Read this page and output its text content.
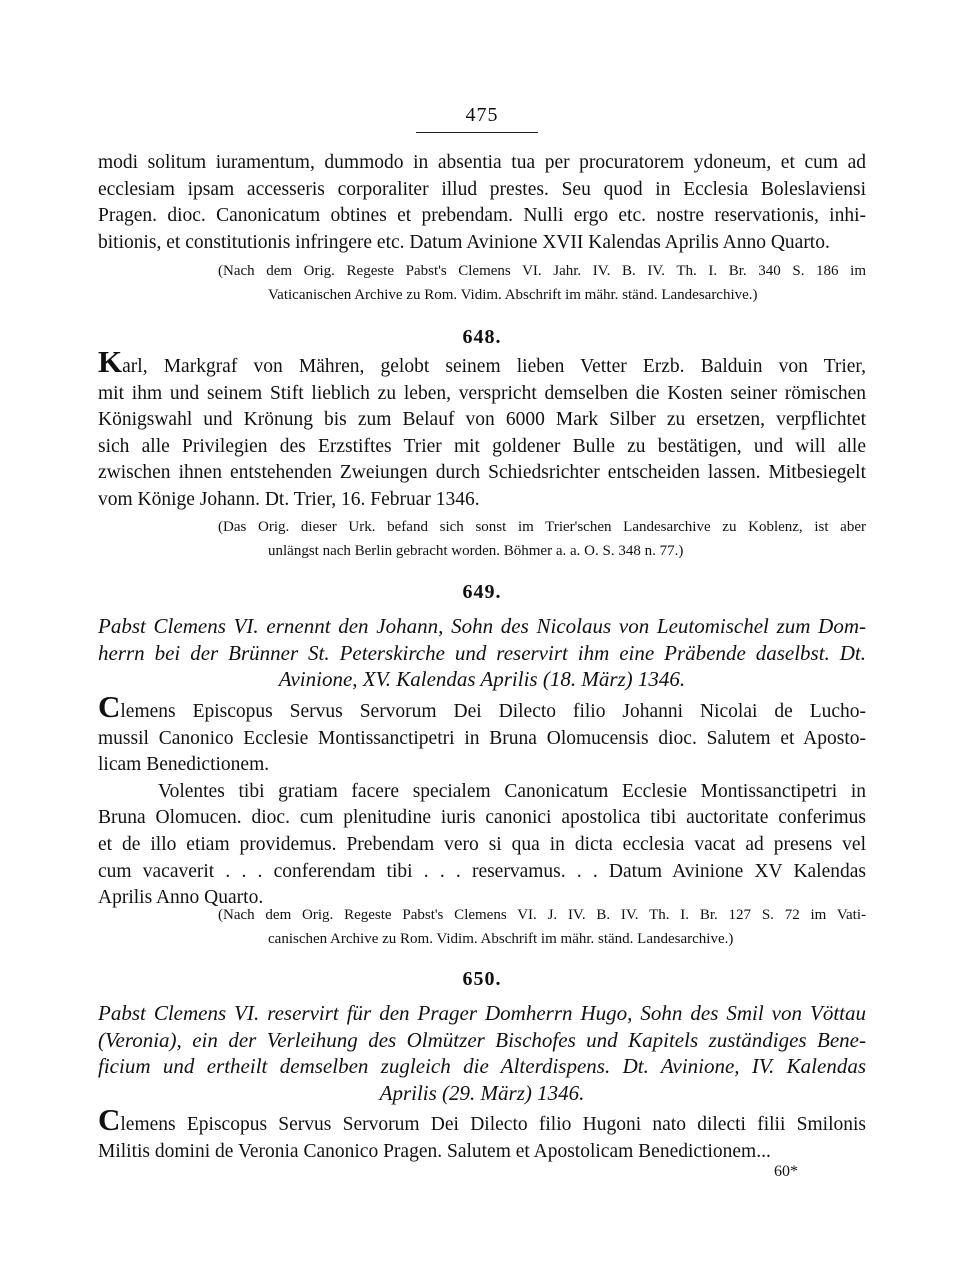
475
modi solitum iuramentum, dummodo in absentia tua per procuratorem ydoneum, et cum ad
ecclesiam ipsam accesseris corporaliter illud prestes. Seu quod in Ecclesia Boleslaviensi
Pragen. dioc. Canonicatum obtines et prebendam. Nulli ergo etc. nostre reservationis, inhi-
bitionis, et constitutionis infringere etc. Datum Avinione XVII Kalendas Aprilis Anno Quarto.
(Nach dem Orig. Regeste Pabst's Clemens VI. Jahr. IV. B. IV. Th. I. Br. 340 S. 186 im
Vaticanischen Archive zu Rom. Vidim. Abschrift im mähr. ständ. Landesarchive.)
648.
Karl, Markgraf von Mähren, gelobt seinem lieben Vetter Erzb. Balduin von Trier,
mit ihm und seinem Stift lieblich zu leben, verspricht demselben die Kosten seiner römischen
Königswahl und Krönung bis zum Belauf von 6000 Mark Silber zu ersetzen, verpflichtet
sich alle Privilegien des Erzstiftes Trier mit goldener Bulle zu bestätigen, und will alle
zwischen ihnen entstehenden Zweiungen durch Schiedsrichter entscheiden lassen. Mitbesiegelt
vom Könige Johann. Dt. Trier, 16. Februar 1346.
(Das Orig. dieser Urk. befand sich sonst im Trier'schen Landesarchive zu Koblenz, ist aber
unlängst nach Berlin gebracht worden. Böhmer a. a. O. S. 348 n. 77.)
649.
Pabst Clemens VI. ernennt den Johann, Sohn des Nicolaus von Leutomischel zum Dom-
herrn bei der Brünner St. Peterskirche und reservirt ihm eine Präbende daselbst. Dt.
Avinione, XV. Kalendas Aprilis (18. März) 1346.
Clemens Episcopus Servus Servorum Dei Dilecto filio Johanni Nicolai de Lucho-
mussil Canonico Ecclesie Montissanctipetri in Bruna Olomucensis dioc. Salutem et Aposto-
licam Benedictionem.
Volentes tibi gratiam facere specialem Canonicatum Ecclesie Montissanctipetri in
Bruna Olomucen. dioc. cum plenitudine iuris canonici apostolica tibi auctoritate conferimus
et de illo etiam providemus. Prebendam vero si qua in dicta ecclesia vacat ad presens vel
cum vacaverit . . . conferendam tibi . . . reservamus. . . Datum Avinione XV Kalendas
Aprilis Anno Quarto.
(Nach dem Orig. Regeste Pabst's Clemens VI. J. IV. B. IV. Th. I. Br. 127 S. 72 im Vati-
canischen Archive zu Rom. Vidim. Abschrift im mähr. ständ. Landesarchive.)
650.
Pabst Clemens VI. reservirt für den Prager Domherrn Hugo, Sohn des Smil von Vöttau
(Veronia), ein der Verleihung des Olmützer Bischofes und Kapitels zuständiges Bene-
ficium und ertheilt demselben zugleich die Alterdispens. Dt. Avinione, IV. Kalendas
Aprilis (29. März) 1346.
Clemens Episcopus Servus Servorum Dei Dilecto filio Hugoni nato dilecti filii Smilonis
Militis domini de Veronia Canonico Pragen. Salutem et Apostolicam Benedictionem...
60*
